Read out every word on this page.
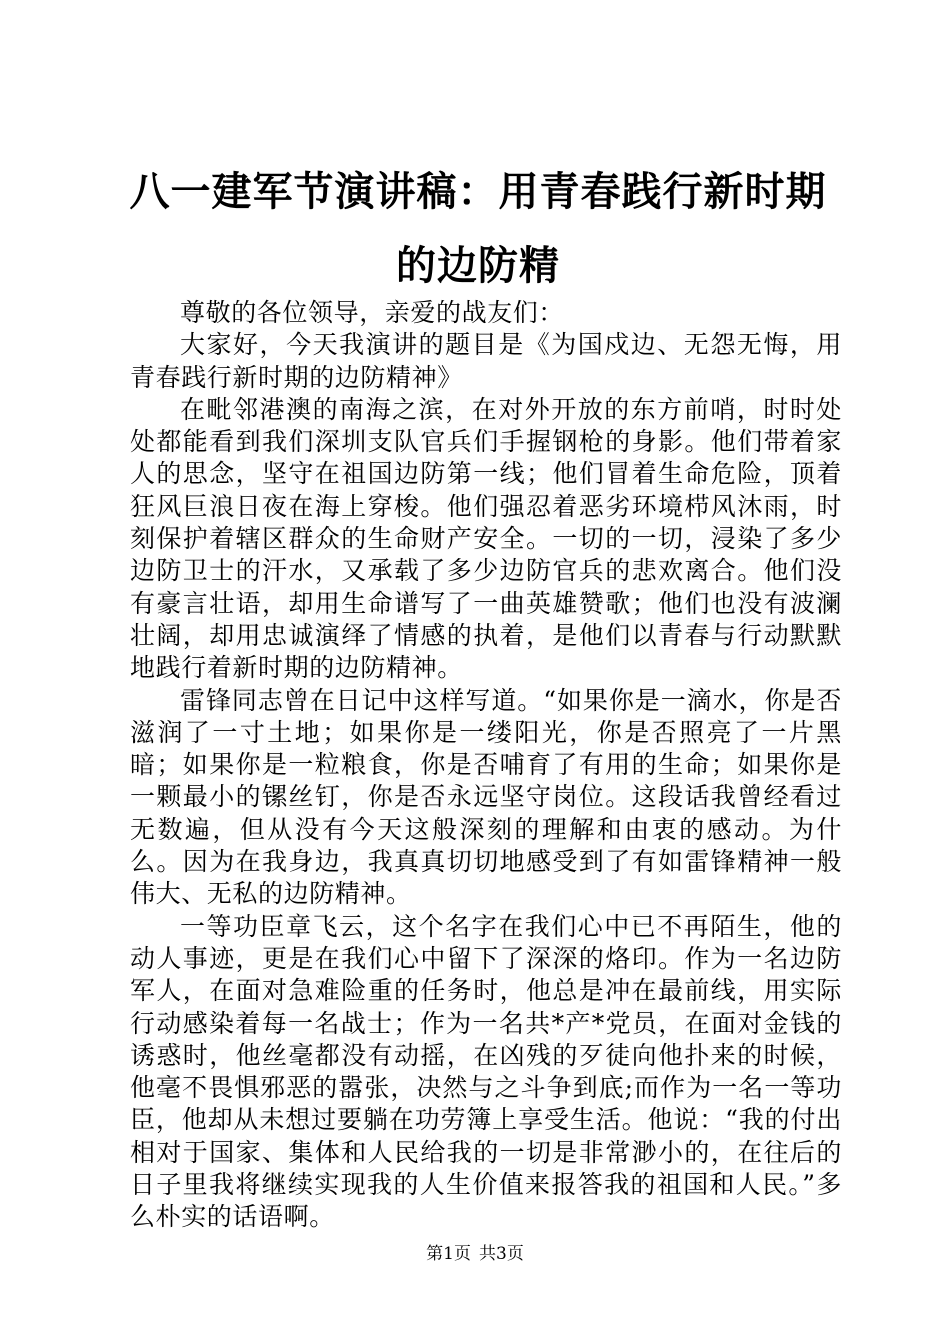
八一建军节演讲稿：用青春践行新时期的边防精

尊敬的各位领导，亲爱的战友们：

大家好，今天我演讲的题目是《为国戍边、无怨无悔，用青春践行新时期的边防精神》

在毗邻港澳的南海之滨，在对外开放的东方前哨，时时处处都能看到我们深圳支队官兵们手握钢枪的身影。他们带着家人的思念，坚守在祖国边防第一线；他们冒着生命危险，顶着狂风巨浪日夜在海上穿梭。他们强忍着恶劣环境栉风沐雨，时刻保护着辖区群众的生命财产安全。一切的一切，浸染了多少边防卫士的汗水，又承载了多少边防官兵的悲欢离合。他们没有豪言壮语，却用生命谱写了一曲英雄赞歌；他们也没有波澜壮阔，却用忠诚演绎了情感的执着，是他们以青春与行动默默地践行着新时期的边防精神。

雷锋同志曾在日记中这样写道。“如果你是一滴水，你是否滋润了一寸土地；如果你是一缕阳光，你是否照亮了一片黑暗；如果你是一粒粮食，你是否哺育了有用的生命；如果你是一颗最小的镙丝钉，你是否永远坚守岗位。这段话我曾经看过无数遍，但从没有今天这般深刻的理解和由衷的感动。为什么。因为在我身边，我真真切切地感受到了有如雷锋精神一般伟大、无私的边防精神。

一等功臣章飞云，这个名字在我们心中已不再陌生，他的动人事迹，更是在我们心中留下了深深的烙印。作为一名边防军人，在面对急难险重的任务时，他总是冲在最前线，用实际行动感染着每一名战士；作为一名共*产*党员，在面对金钱的诱惑时，他丝毫都没有动摇，在凶残的歹徒向他扑来的时候，他毫不畏惧邪恶的嚣张，决然与之斗争到底;而作为一名一等功臣，他却从未想过要躺在功劳簿上享受生活。他说：“我的付出相对于国家、集体和人民给我的一切是非常渺小的，在往后的日子里我将继续实现我的人生价值来报答我的祖国和人民。”多么朴实的话语啊。

第1页 共3页
